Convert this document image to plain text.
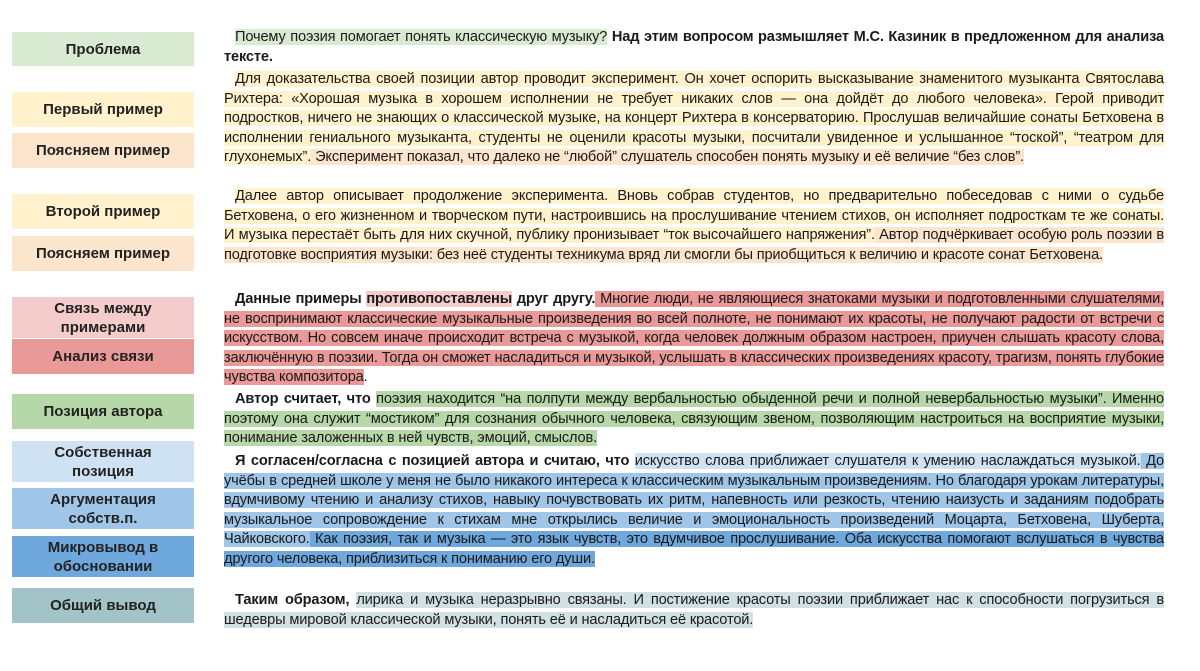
Проблема
Первый пример
Поясняем пример
Второй пример
Поясняем пример
Связь между примерами
Анализ связи
Позиция автора
Собственная позиция
Аргументация собств.п.
Микровывод в обосновании
Общий вывод

Почему поэзия помогает понять классическую музыку? Над этим вопросом размышляет М.С. Казиник в предложенном для анализа тексте.

Для доказательства своей позиции автор проводит эксперимент. Он хочет оспорить высказывание знаменитого музыканта Святослава Рихтера: «Хорошая музыка в хорошем исполнении не требует никаких слов — она дойдёт до любого человека». Герой приводит подростков, ничего не знающих о классической музыке, на концерт Рихтера в консерваторию. Прослушав величайшие сонаты Бетховена в исполнении гениального музыканта, студенты не оценили красоты музыки, посчитали увиденное и услышанное “тоской”, “театром для глухонемых”. Эксперимент показал, что далеко не “любой” слушатель способен понять музыку и её величие “без слов”.

Далее автор описывает продолжение эксперимента. Вновь собрав студентов, но предварительно побеседовав с ними о судьбе Бетховена, о его жизненном и творческом пути, настроившись на прослушивание чтением стихов, он исполняет подросткам те же сонаты. И музыка перестаёт быть для них скучной, публику пронизывает “ток высочайшего напряжения”. Автор подчёркивает особую роль поэзии в подготовке восприятия музыки: без неё студенты техникума вряд ли смогли бы приобщиться к величию и красоте сонат Бетховена.

Данные примеры противопоставлены друг другу. Многие люди, не являющиеся знатоками музыки и подготовленными слушателями, не воспринимают классические музыкальные произведения во всей полноте, не понимают их красоты, не получают радости от встречи с искусством. Но совсем иначе происходит встреча с музыкой, когда человек должным образом настроен, приучен слышать красоту слова, заключённую в поэзии. Тогда он сможет насладиться и музыкой, услышать в классических произведениях красоту, трагизм, понять глубокие чувства композитора.

Автор считает, что поэзия находится “на полпути между вербальностью обыденной речи и полной невербальностью музыки”. Именно поэтому она служит “мостиком” для сознания обычного человека, связующим звеном, позволяющим настроиться на восприятие музыки, понимание заложенных в ней чувств, эмоций, смыслов.

Я согласен/согласна с позицией автора и считаю, что искусство слова приближает слушателя к умению наслаждаться музыкой. До учёбы в средней школе у меня не было никакого интереса к классическим музыкальным произведениям. Но благодаря урокам литературы, вдумчивому чтению и анализу стихов, навыку почувствовать их ритм, напевность или резкость, чтению наизусть и заданиям подобрать музыкальное сопровождение к стихам мне открылись величие и эмоциональность произведений Моцарта, Бетховена, Шуберта, Чайковского. Как поэзия, так и музыка — это язык чувств, это вдумчивое прослушивание. Оба искусства помогают вслушаться в чувства другого человека, приблизиться к пониманию его души.

Таким образом, лирика и музыка неразрывно связаны. И постижение красоты поэзии приближает нас к способности погрузиться в шедевры мировой классической музыки, понять её и насладиться её красотой.
